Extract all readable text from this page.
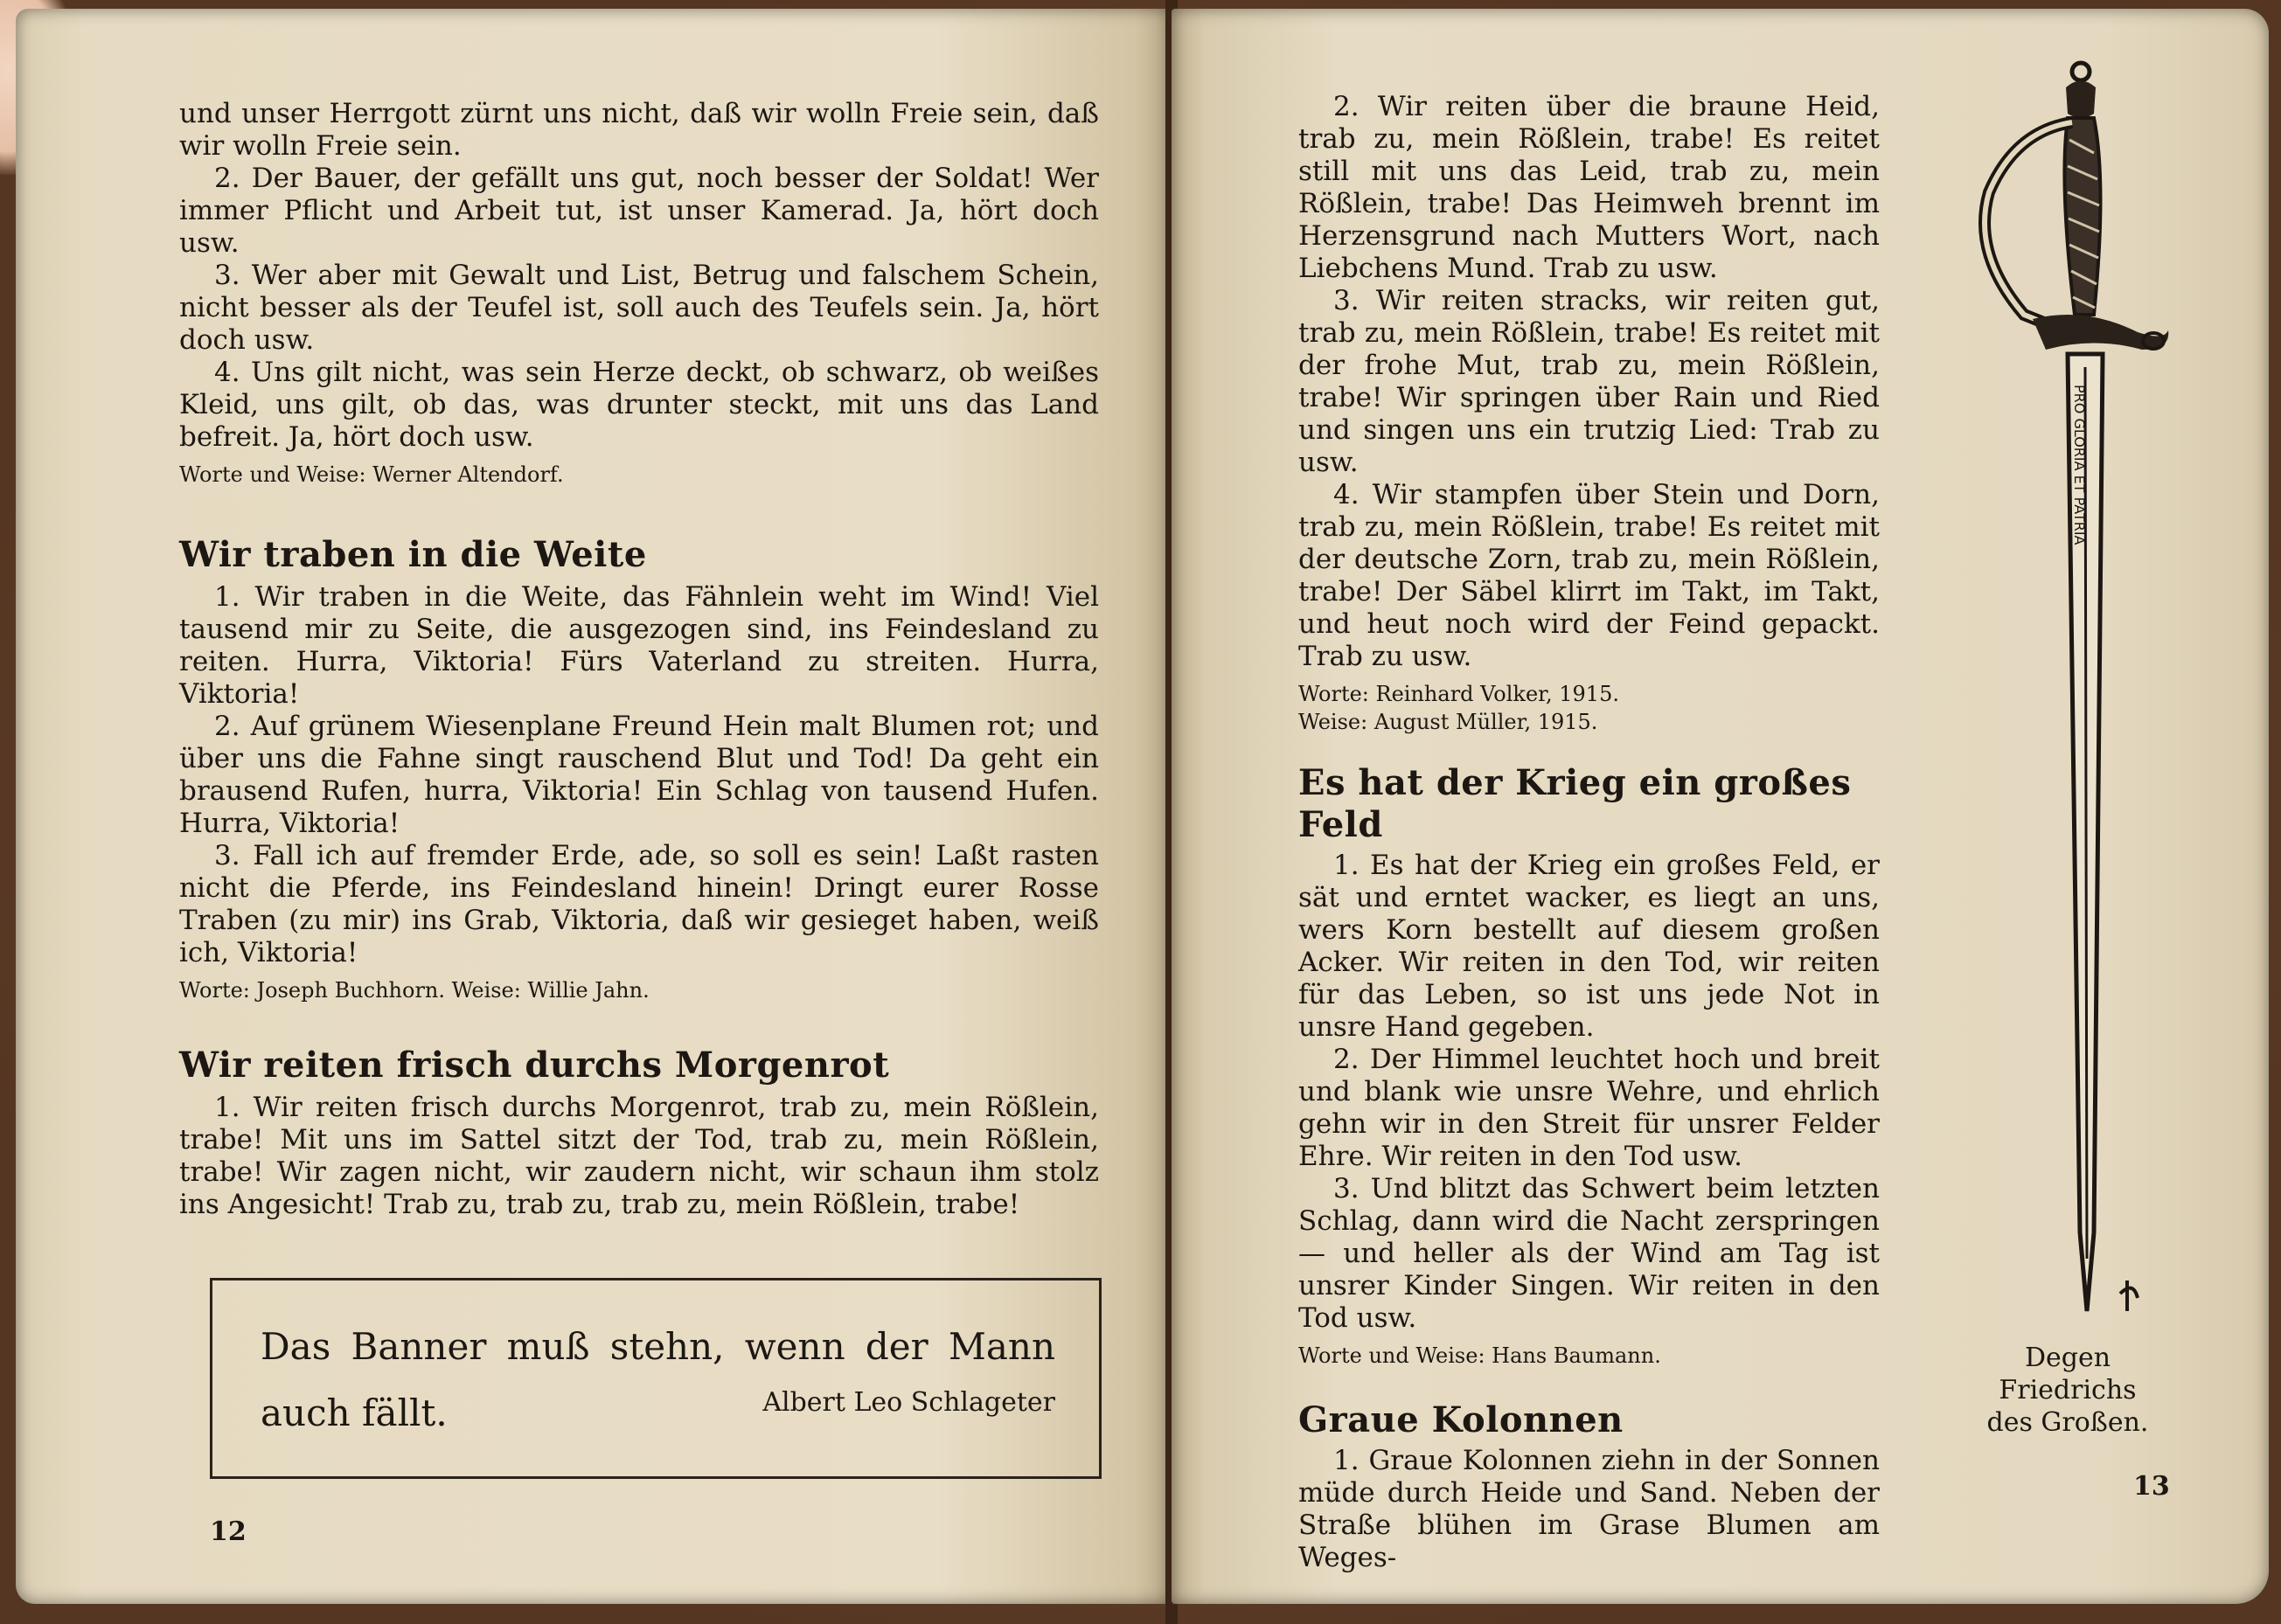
und unser Herrgott zürnt uns nicht, daß wir wolln Freie sein, daß wir wolln Freie sein.

2. Der Bauer, der gefällt uns gut, noch besser der Soldat! Wer immer Pflicht und Arbeit tut, ist unser Kamerad. Ja, hört doch usw.

3. Wer aber mit Gewalt und List, Betrug und falschem Schein, nicht besser als der Teufel ist, soll auch des Teufels sein. Ja, hört doch usw.

4. Uns gilt nicht, was sein Herze deckt, ob schwarz, ob weißes Kleid, uns gilt, ob das, was drunter steckt, mit uns das Land befreit. Ja, hört doch usw.

Worte und Weise: Werner Altendorf.

Wir traben in die Weite

1. Wir traben in die Weite, das Fähnlein weht im Wind! Viel tausend mir zu Seite, die ausgezogen sind, ins Feindesland zu reiten. Hurra, Viktoria! Fürs Vaterland zu streiten. Hurra, Viktoria!

2. Auf grünem Wiesenplane Freund Hein malt Blumen rot; und über uns die Fahne singt rauschend Blut und Tod! Da geht ein brausend Rufen, hurra, Viktoria! Ein Schlag von tausend Hufen. Hurra, Viktoria!

3. Fall ich auf fremder Erde, ade, so soll es sein! Laßt rasten nicht die Pferde, ins Feindesland hinein! Dringt eurer Rosse Traben (zu mir) ins Grab, Viktoria, daß wir gesieget haben, weiß ich, Viktoria!

Worte: Joseph Buchhorn. Weise: Willie Jahn.

Wir reiten frisch durchs Morgenrot

1. Wir reiten frisch durchs Morgenrot, trab zu, mein Rößlein, trabe! Mit uns im Sattel sitzt der Tod, trab zu, mein Rößlein, trabe! Wir zagen nicht, wir zaudern nicht, wir schaun ihm stolz ins Angesicht! Trab zu, trab zu, trab zu, mein Rößlein, trabe!

Das Banner muß stehn, wenn der Mann auch fällt.	Albert Leo Schlageter
12

2. Wir reiten über die braune Heid, trab zu, mein Rößlein, trabe! Es reitet still mit uns das Leid, trab zu, mein Rößlein, trabe! Das Heimweh brennt im Herzensgrund nach Mutters Wort, nach Liebchens Mund. Trab zu usw.

3. Wir reiten stracks, wir reiten gut, trab zu, mein Rößlein, trabe! Es reitet mit der frohe Mut, trab zu, mein Rößlein, trabe! Wir springen über Rain und Ried und singen uns ein trutzig Lied: Trab zu usw.

4. Wir stampfen über Stein und Dorn, trab zu, mein Rößlein, trabe! Es reitet mit der deutsche Zorn, trab zu, mein Rößlein, trabe! Der Säbel klirrt im Takt, im Takt, und heut noch wird der Feind gepackt. Trab zu usw.

Worte: Reinhard Volker, 1915.

Weise: August Müller, 1915.

Es hat der Krieg ein großes Feld

1. Es hat der Krieg ein großes Feld, er sät und erntet wacker, es liegt an uns, wers Korn bestellt auf diesem großen Acker. Wir reiten in den Tod, wir reiten für das Leben, so ist uns jede Not in unsre Hand gegeben.

2. Der Himmel leuchtet hoch und breit und blank wie unsre Wehre, und ehrlich gehn wir in den Streit für unsrer Felder Ehre. Wir reiten in den Tod usw.

3. Und blitzt das Schwert beim letzten Schlag, dann wird die Nacht zerspringen — und heller als der Wind am Tag ist unsrer Kinder Singen. Wir reiten in den Tod usw.

Worte und Weise: Hans Baumann.

Graue Kolonnen

1. Graue Kolonnen ziehn in der Sonnen müde durch Heide und Sand. Neben der Straße blühen im Grase Blumen am Weges-

PRO GLORIA ET PATRIA
Degen
Friedrichs
des Großen.
13
